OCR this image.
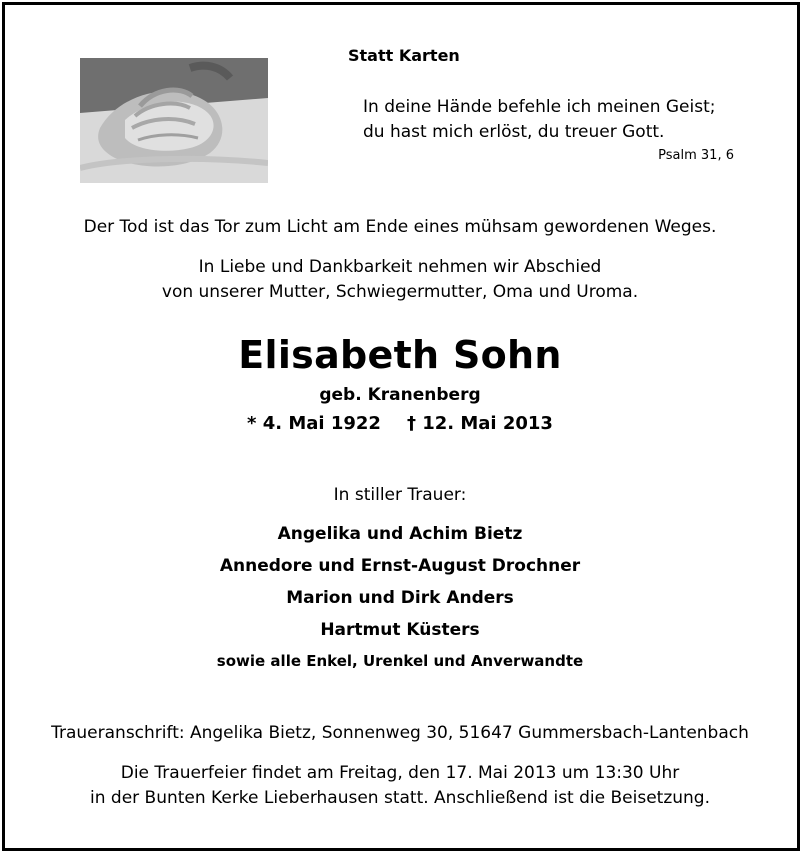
Statt Karten
In deine Hände befehle ich meinen Geist;
du hast mich erlöst, du treuer Gott.
Psalm 31, 6
Der Tod ist das Tor zum Licht am Ende eines mühsam gewordenen Weges.
In Liebe und Dankbarkeit nehmen wir Abschied
von unserer Mutter, Schwiegermutter, Oma und Uroma.
Elisabeth Sohn
geb. Kranenberg
* 4. Mai 1922 † 12. Mai 2013
In stiller Trauer:
Angelika und Achim Bietz
Annedore und Ernst-August Drochner
Marion und Dirk Anders
Hartmut Küsters
sowie alle Enkel, Urenkel und Anverwandte
Traueranschrift: Angelika Bietz, Sonnenweg 30, 51647 Gummersbach-Lantenbach
Die Trauerfeier findet am Freitag, den 17. Mai 2013 um 13:30 Uhr
in der Bunten Kerke Lieberhausen statt. Anschließend ist die Beisetzung.
